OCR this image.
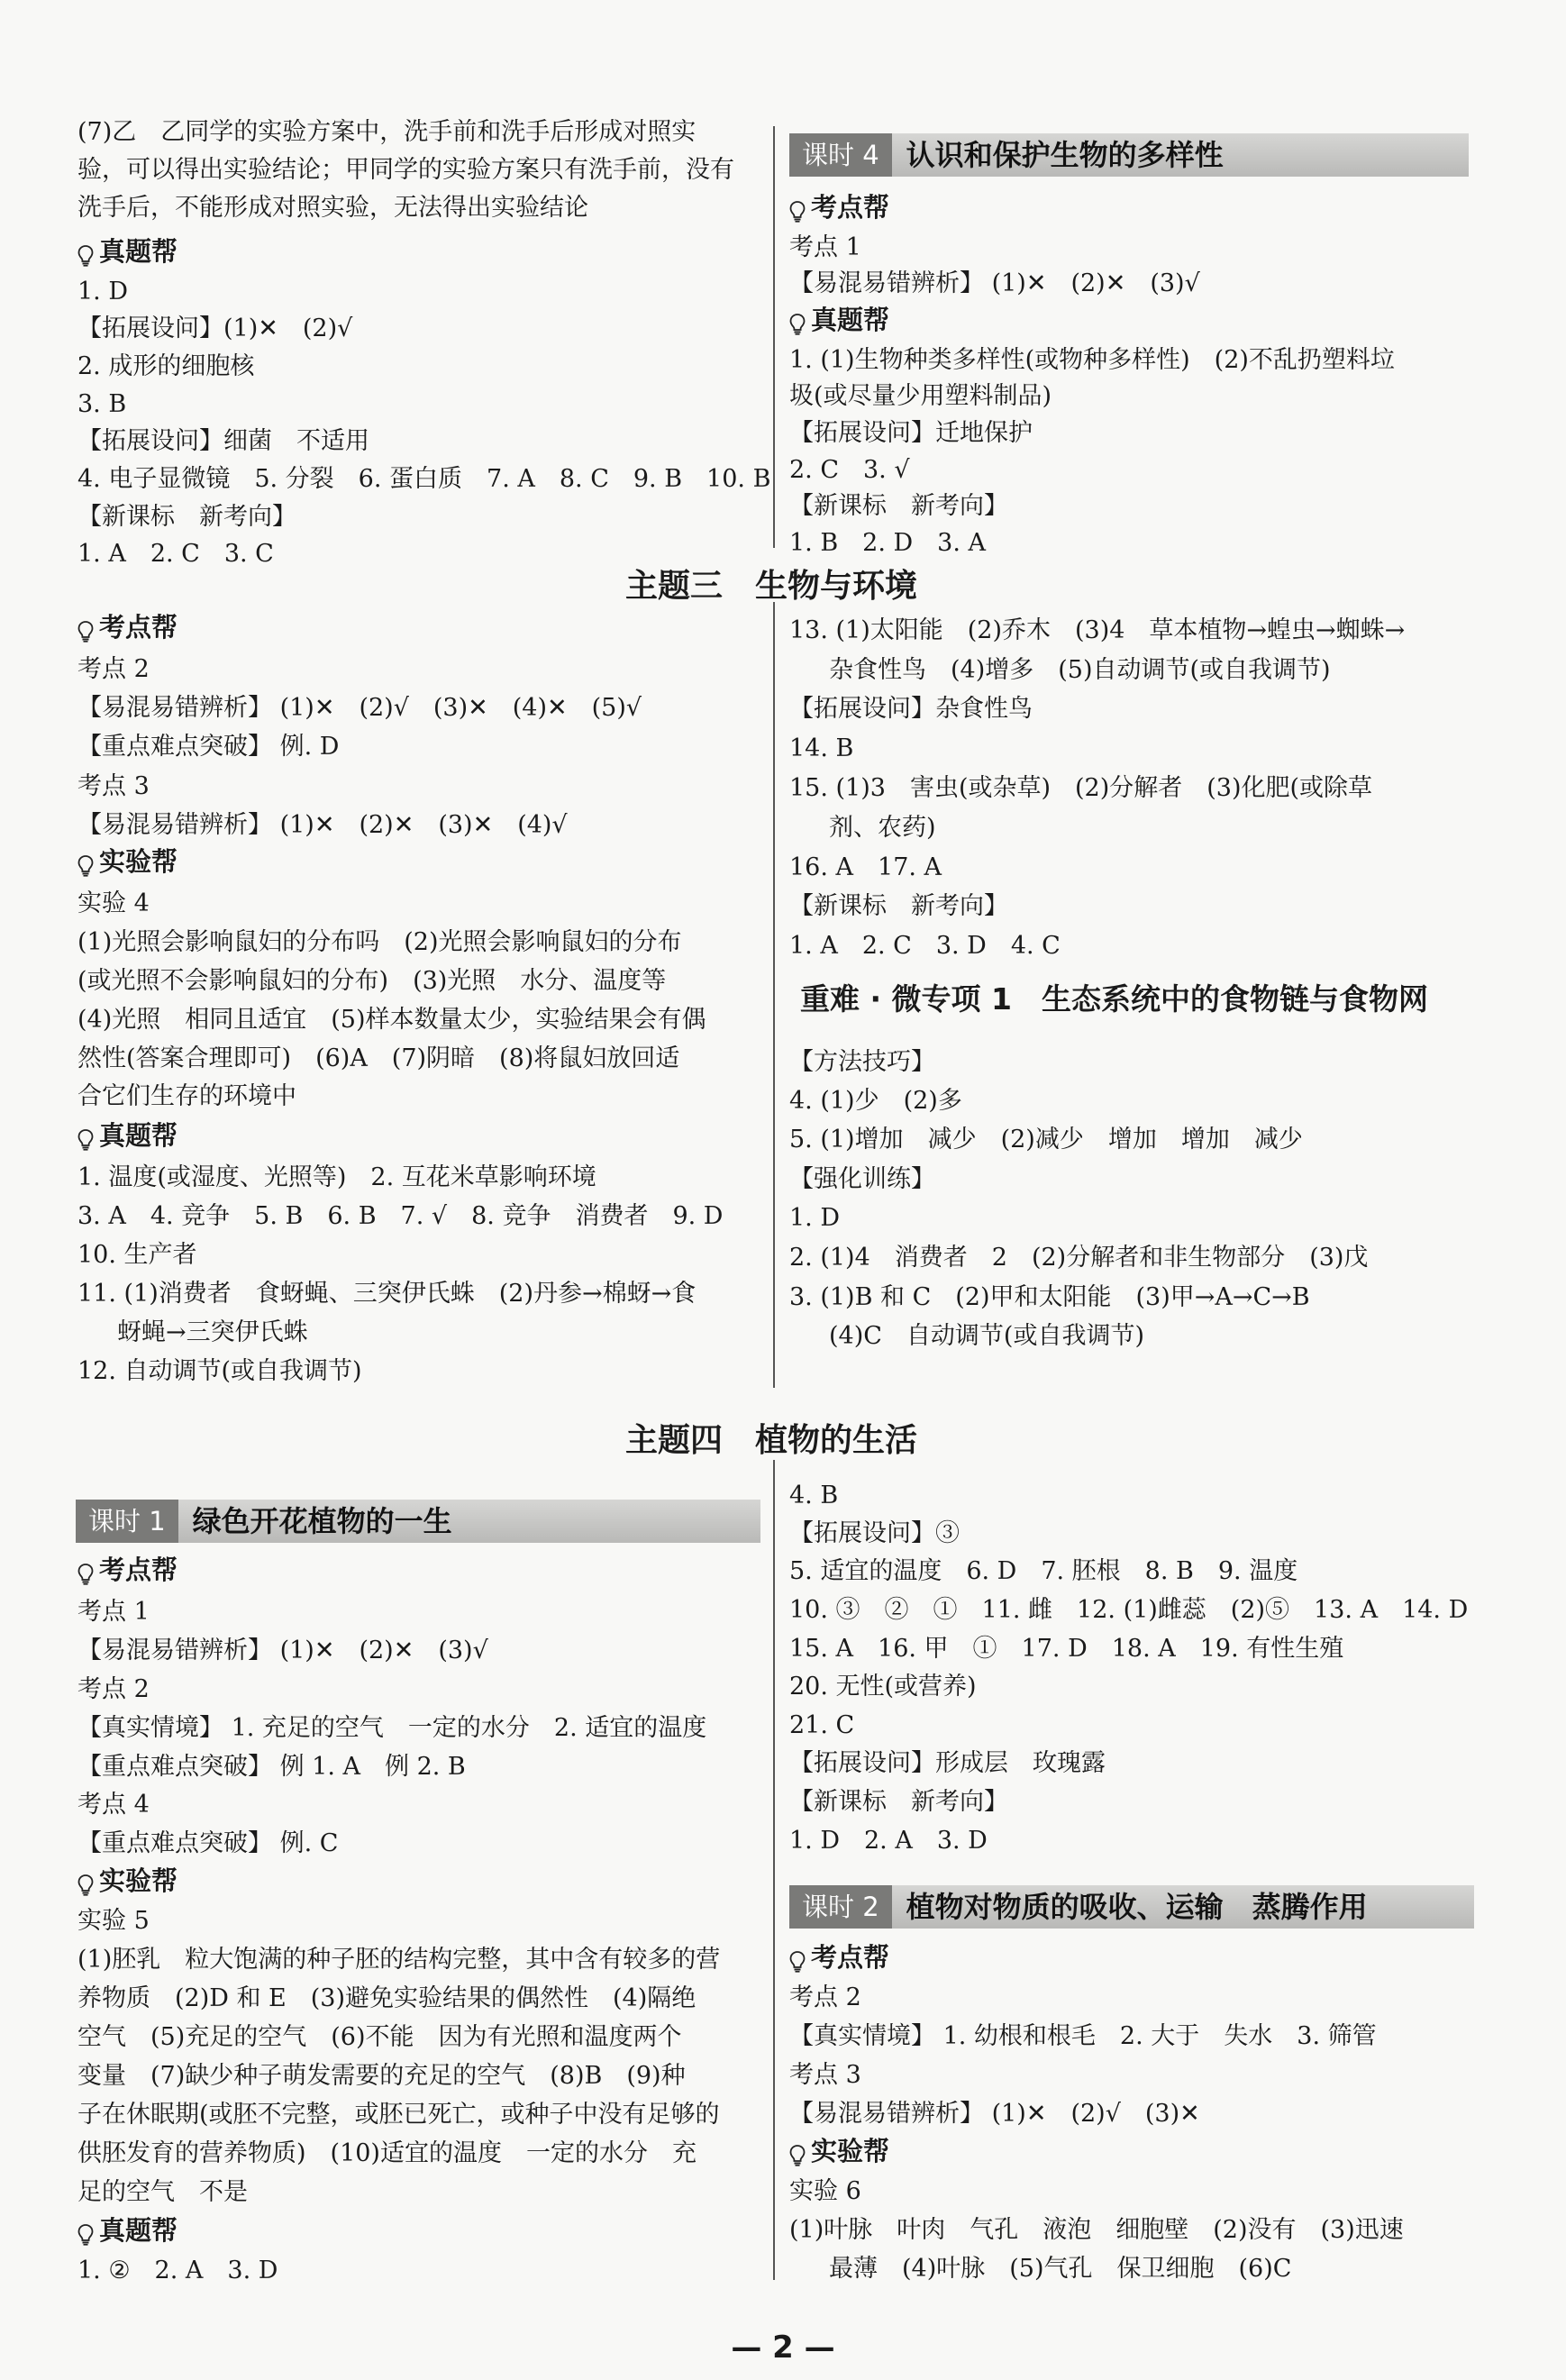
(7)乙　乙同学的实验方案中，洗手前和洗手后形成对照实
验，可以得出实验结论；甲同学的实验方案只有洗手前，没有
洗手后，不能形成对照实验，无法得出实验结论
真题帮
1. D
【拓展设问】(1)✕　(2)√
2. 成形的细胞核
3. B
【拓展设问】细菌　不适用
4. 电子显微镜　5. 分裂　6. 蛋白质　7. A　8. C　9. B　10. B
【新课标　新考向】
1. A　2. C　3. C
考点帮
考点 1
【易混易错辨析】 (1)✕　(2)✕　(3)√
真题帮
1. (1)生物种类多样性(或物种多样性)　(2)不乱扔塑料垃
圾(或尽量少用塑料制品)
【拓展设问】迁地保护
2. C　3. √
【新课标　新考向】
1. B　2. D　3. A
考点帮
考点 2
【易混易错辨析】 (1)✕　(2)√　(3)✕　(4)✕　(5)√
【重点难点突破】 例. D
考点 3
【易混易错辨析】 (1)✕　(2)✕　(3)✕　(4)√
实验帮
实验 4
(1)光照会影响鼠妇的分布吗　(2)光照会影响鼠妇的分布
(或光照不会影响鼠妇的分布)　(3)光照　水分、温度等
(4)光照　相同且适宜　(5)样本数量太少，实验结果会有偶
然性(答案合理即可)　(6)A　(7)阴暗　(8)将鼠妇放回适
合它们生存的环境中
真题帮
1. 温度(或湿度、光照等)　2. 互花米草影响环境
3. A　4. 竞争　5. B　6. B　7. √　8. 竞争　消费者　9. D
10. 生产者
11. (1)消费者　食蚜蝇、三突伊氏蛛　(2)丹参→棉蚜→食
蚜蝇→三突伊氏蛛
12. 自动调节(或自我调节)
13. (1)太阳能　(2)乔木　(3)4　草本植物→蝗虫→蜘蛛→
杂食性鸟　(4)增多　(5)自动调节(或自我调节)
【拓展设问】杂食性鸟
14. B
15. (1)3　害虫(或杂草)　(2)分解者　(3)化肥(或除草
剂、农药)
16. A　17. A
【新课标　新考向】
1. A　2. C　3. D　4. C
【方法技巧】
4. (1)少　(2)多
5. (1)增加　减少　(2)减少　增加　增加　减少
【强化训练】
1. D
2. (1)4　消费者　2　(2)分解者和非生物部分　(3)戊
3. (1)B 和 C　(2)甲和太阳能　(3)甲→A→C→B
(4)C　自动调节(或自我调节)
考点帮
考点 1
【易混易错辨析】 (1)✕　(2)✕　(3)√
考点 2
【真实情境】 1. 充足的空气　一定的水分　2. 适宜的温度
【重点难点突破】 例 1. A　例 2. B
考点 4
【重点难点突破】 例. C
实验帮
实验 5
(1)胚乳　粒大饱满的种子胚的结构完整，其中含有较多的营
养物质　(2)D 和 E　(3)避免实验结果的偶然性　(4)隔绝
空气　(5)充足的空气　(6)不能　因为有光照和温度两个
变量　(7)缺少种子萌发需要的充足的空气　(8)B　(9)种
子在休眠期(或胚不完整，或胚已死亡，或种子中没有足够的
供胚发育的营养物质)　(10)适宜的温度　一定的水分　充
足的空气　不是
真题帮
1. ②　2. A　3. D
4. B
【拓展设问】③
5. 适宜的温度　6. D　7. 胚根　8. B　9. 温度
10. ③　②　①　11. 雌　12. (1)雌蕊　(2)⑤　13. A　14. D
15. A　16. 甲　①　17. D　18. A　19. 有性生殖
20. 无性(或营养)
21. C
【拓展设问】形成层　玫瑰露
【新课标　新考向】
1. D　2. A　3. D
考点帮
考点 2
【真实情境】 1. 幼根和根毛　2. 大于　失水　3. 筛管
考点 3
【易混易错辨析】 (1)✕　(2)√　(3)✕
实验帮
实验 6
(1)叶脉　叶肉　气孔　液泡　细胞壁　(2)没有　(3)迅速
最薄　(4)叶脉　(5)气孔　保卫细胞　(6)C
课时 4 认识和保护生物的多样性
主题三　生物与环境
重难 · 微专项 1　生态系统中的食物链与食物网
主题四　植物的生活
课时 1 绿色开花植物的一生
课时 2 植物对物质的吸收、运输　蒸腾作用
— 2 —
